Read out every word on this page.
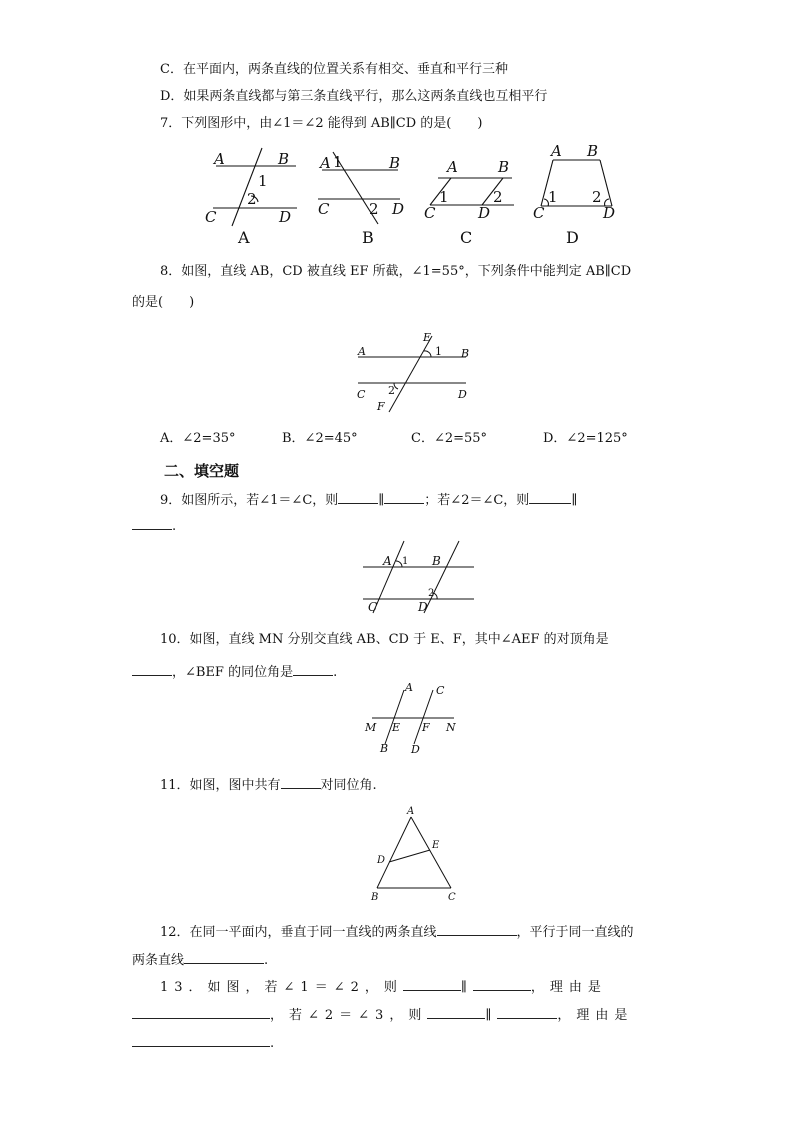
C．在平面内，两条直线的位置关系有相交、垂直和平行三种
D．如果两条直线都与第三条直线平行，那么这两条直线也互相平行
7．下列图形中，由∠1＝∠2 能得到 AB∥CD 的是(　　)
A	B
1
2
C	D
A 1	B
C	2 D
A	B
1	2
C	D
A B
1 2
C	D
A	B	C	D
8．如图，直线 AB，CD 被直线 EF 所截，∠1=55°，下列条件中能判定 AB∥CD
的是(　　)
E
A	1 B
C 2	D
F
A．∠2=35°	B．∠2=45°	C．∠2=55°	D．∠2=125°
二、填空题
9．如图所示，若∠1＝∠C，则	∥	；若∠2＝∠C，则	∥
.
A 1 B
2
C	D
10．如图，直线 MN 分别交直线 AB、CD 于 E、F，其中∠AEF 的对顶角是
，∠BEF 的同位角是	.
A C
M E F N
B D
11．如图，图中共有	对同位角.
A
D
E
B	C
12．在同一平面内，垂直于同一直线的两条直线	，平行于同一直线的
两条直线	.
13．如图，若∠1＝∠2，则	∥	，理由是
，若∠2＝∠3，则	∥	，理由是
.
